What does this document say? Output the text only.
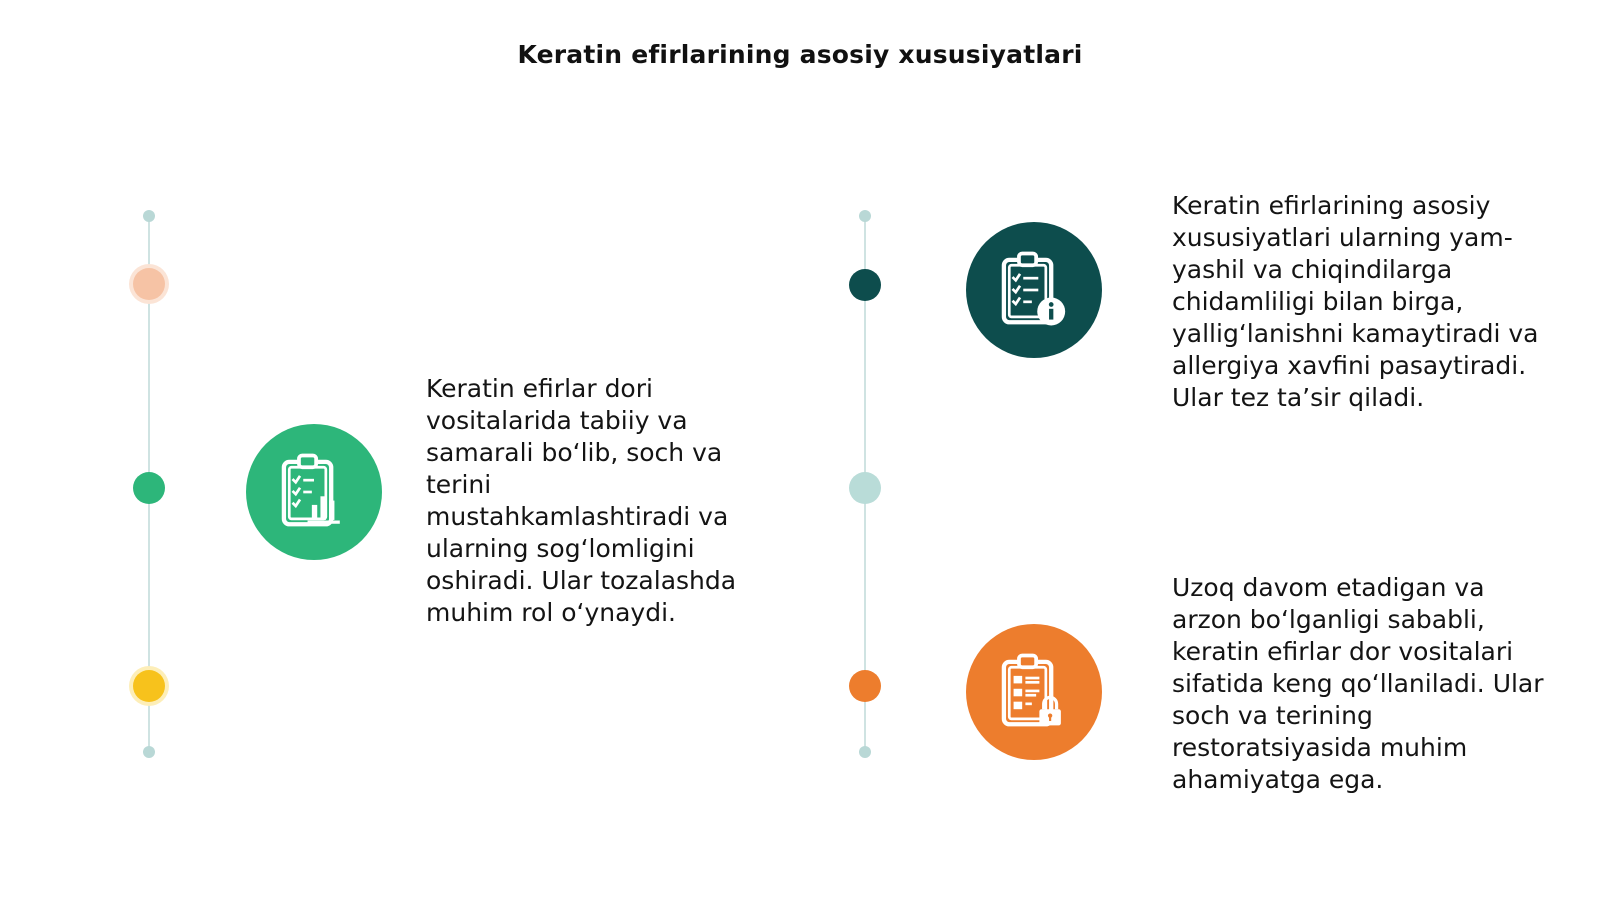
Keratin efirlarining asosiy xususiyatlari
Keratin efirlar dori vositalarida tabiiy va samarali bo‘lib, soch va terini mustahkamlashtiradi va ularning sog‘lomligini oshiradi. Ular tozalashda muhim rol o‘ynaydi.
Keratin efirlarining asosiy xususiyatlari ularning yam-yashil va chiqindilarga chidamliligi bilan birga, yallig‘lanishni kamaytiradi va allergiya xavfini pasaytiradi. Ular tez ta’sir qiladi.
Uzoq davom etadigan va arzon bo‘lganligi sababli, keratin efirlar dor vositalari sifatida keng qo‘llaniladi. Ular soch va terining restoratsiyasida muhim ahamiyatga ega.
